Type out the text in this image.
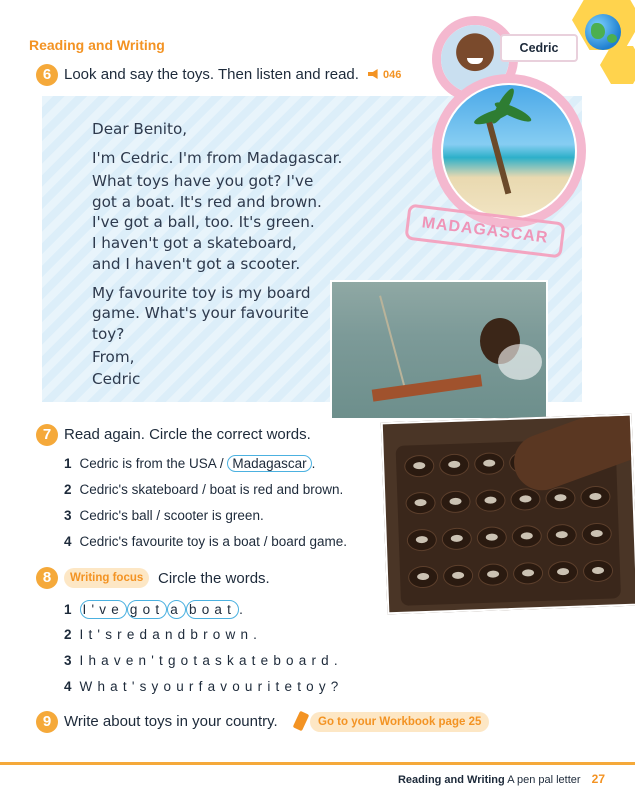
Reading and Writing
6 Look and say the toys. Then listen and read.	046
Dear Benito,
I'm Cedric. I'm from Madagascar.
What toys have you got? I've
got a boat. It's red and brown.
I've got a ball, too. It's green.
I haven't got a skateboard,
and I haven't got a scooter.
My favourite toy is my board
game. What's your favourite
toy?
From,
Cedric
Cedric
MADAGASCAR
7 Read again. Circle the correct words.
1 Cedric is from the USA / Madagascar .
2 Cedric's skateboard / boat is red and brown.
3 Cedric's ball / scooter is green.
4 Cedric's favourite toy is a boat / board game.
8	Writing focus Circle the words.
1 I've got a boat .
2 It'sredandbrown.
3 Ihaven'tgotaskateboard.
4 What'syourfavouritetoy?
9 Write about toys in your country.	Go to your Workbook page 25
Reading and Writing A pen pal letter 27
